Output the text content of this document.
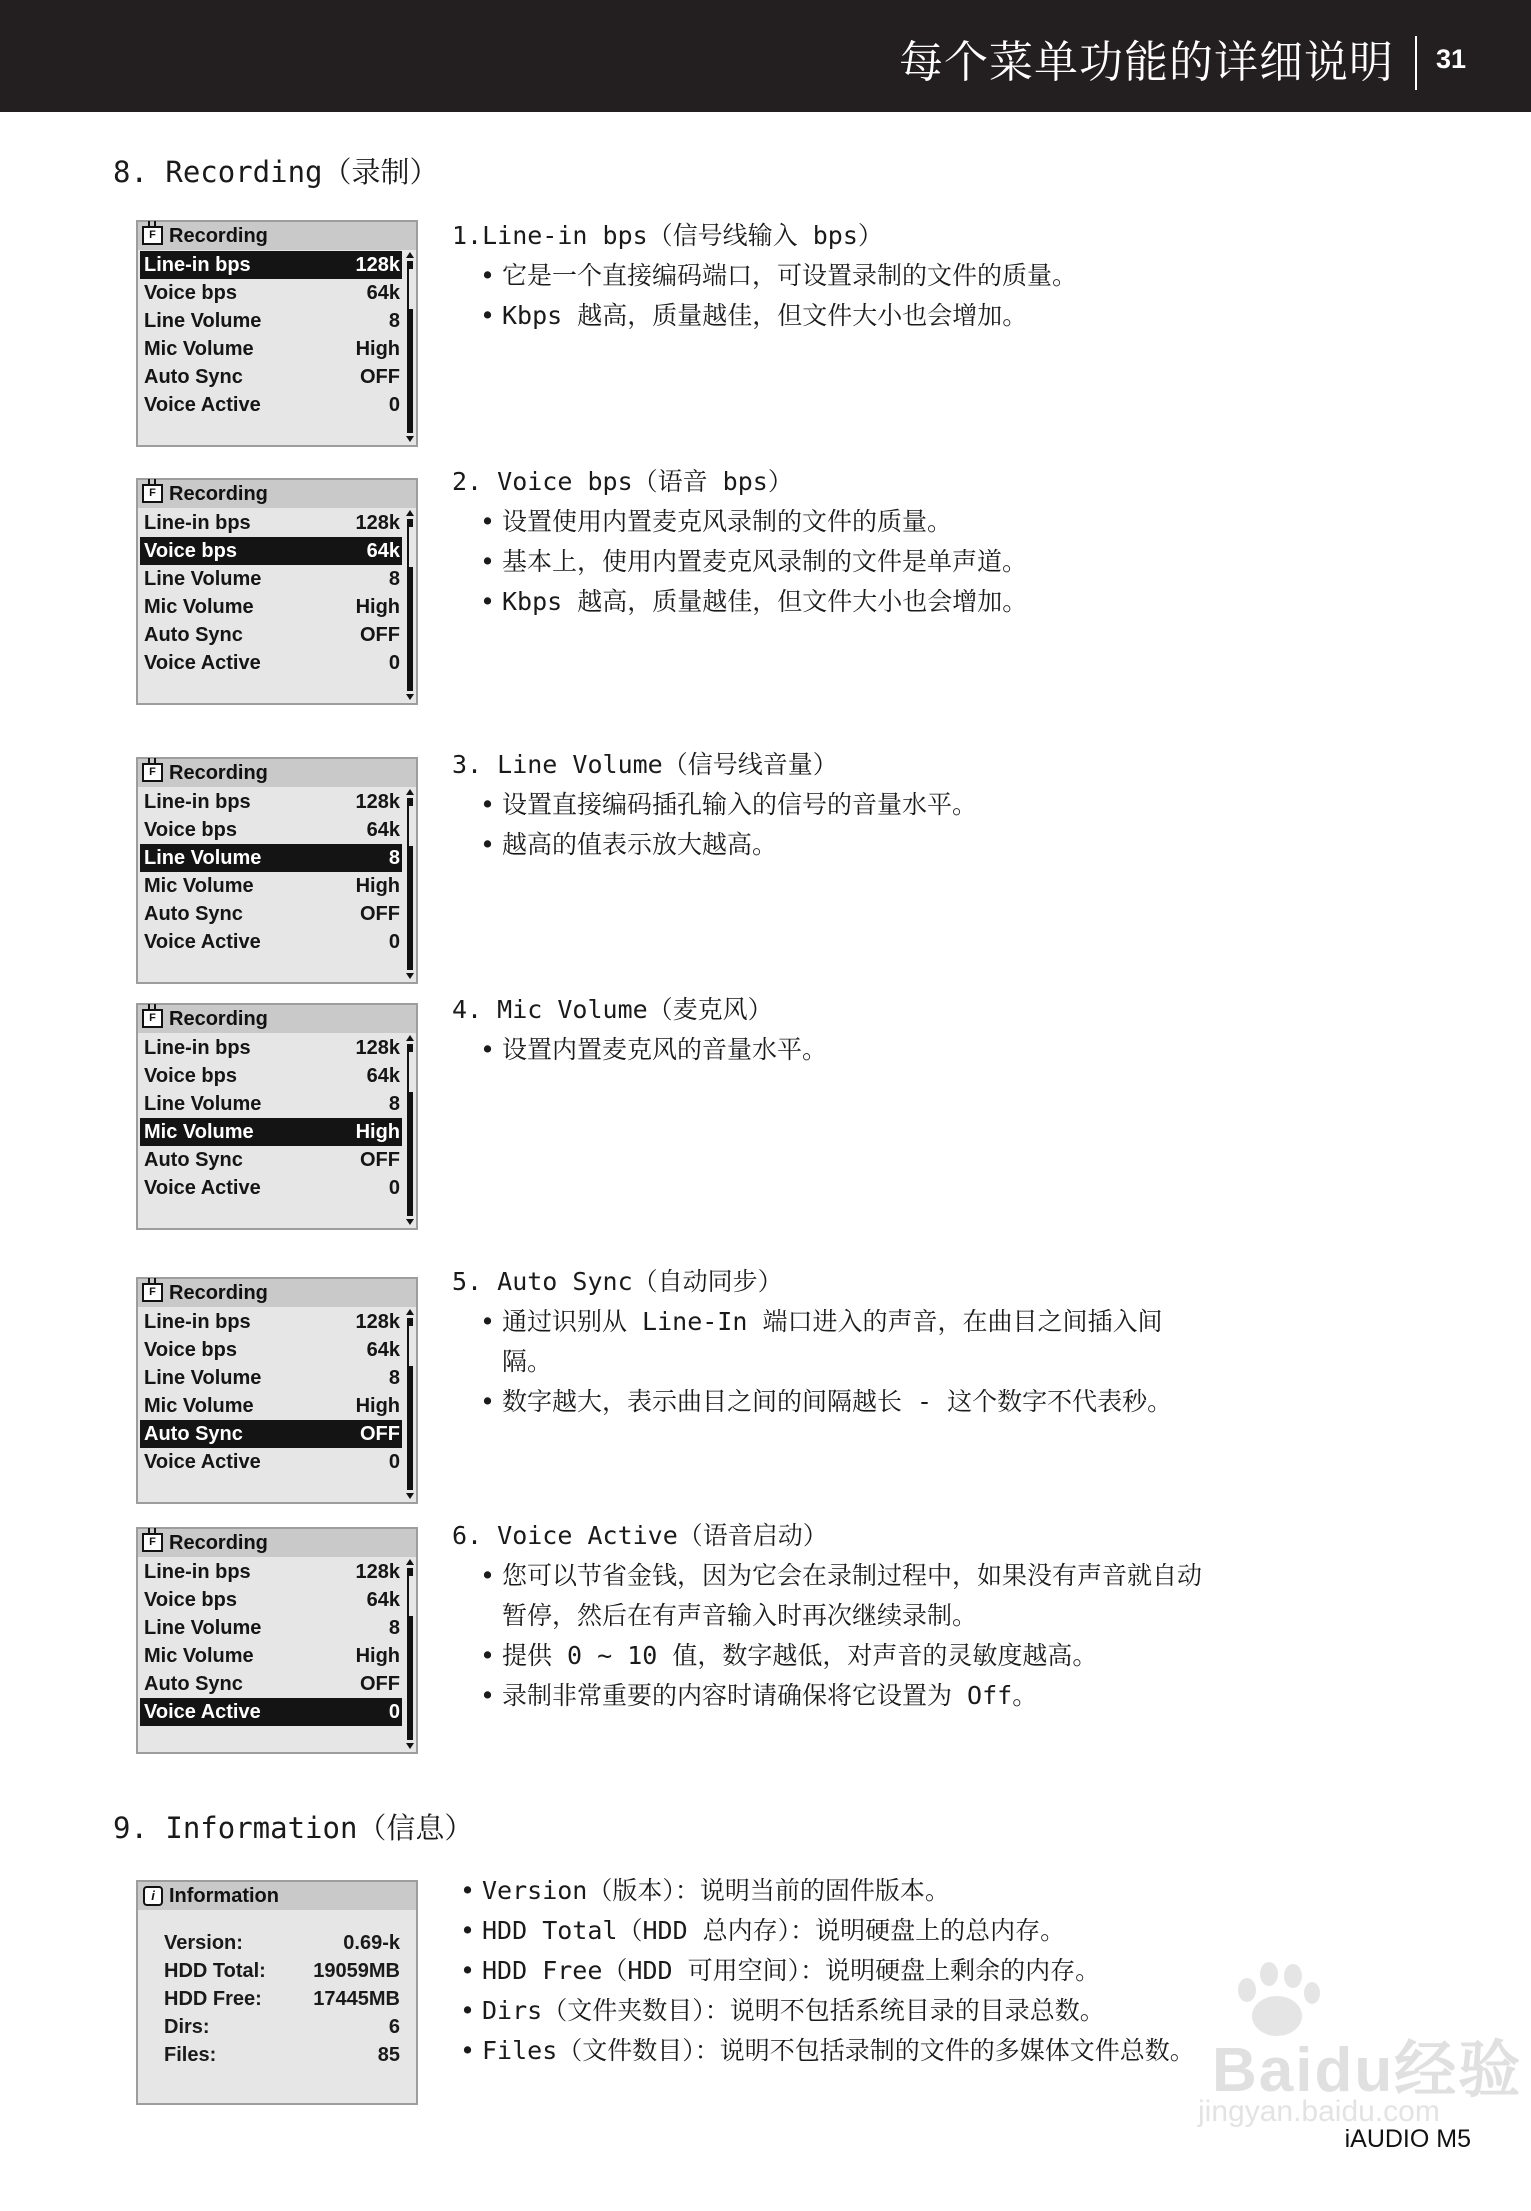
每个菜单功能的详细说明 31
8. Recording（录制）
F Recording
Line-in bps	128k
Voice bps	64k
Line Volume	8
Mic Volume	High
Auto Sync	OFF
Voice Active	0
1.Line-in bps（信号线输入 bps）
• 它是一个直接编码端口，可设置录制的文件的质量。
• Kbps 越高，质量越佳，但文件大小也会增加。
F Recording
Line-in bps	128k
Voice bps	64k
Line Volume	8
Mic Volume	High
Auto Sync	OFF
Voice Active	0
2. Voice bps（语音 bps）
• 设置使用内置麦克风录制的文件的质量。
• 基本上，使用内置麦克风录制的文件是单声道。
• Kbps 越高，质量越佳，但文件大小也会增加。
F Recording
Line-in bps	128k
Voice bps	64k
Line Volume	8
Mic Volume	High
Auto Sync	OFF
Voice Active	0
3. Line Volume（信号线音量）
• 设置直接编码插孔输入的信号的音量水平。
• 越高的值表示放大越高。
F Recording
Line-in bps	128k
Voice bps	64k
Line Volume	8
Mic Volume	High
Auto Sync	OFF
Voice Active	0
4. Mic Volume（麦克风）
• 设置内置麦克风的音量水平。
F Recording
Line-in bps	128k
Voice bps	64k
Line Volume	8
Mic Volume	High
Auto Sync	OFF
Voice Active	0
5. Auto Sync（自动同步）
• 通过识别从 Line-In 端口进入的声音，在曲目之间插入间隔。
• 数字越大，表示曲目之间的间隔越长 - 这个数字不代表秒。
F Recording
Line-in bps	128k
Voice bps	64k
Line Volume	8
Mic Volume	High
Auto Sync	OFF
Voice Active	0
6. Voice Active（语音启动）
• 您可以节省金钱，因为它会在录制过程中，如果没有声音就自动暂停，然后在有声音输入时再次继续录制。
• 提供 0 ~ 10 值，数字越低，对声音的灵敏度越高。
• 录制非常重要的内容时请确保将它设置为 Off。
9. Information（信息）
i Information
Version:	0.69-k
HDD Total: 19059MB
HDD Free:	17445MB
Dirs:	6
Files:	85
• Version（版本）：说明当前的固件版本。
• HDD Total（HDD 总内存）：说明硬盘上的总内存。
• HDD Free（HDD 可用空间）：说明硬盘上剩余的内存。
• Dirs（文件夹数目）：说明不包括系统目录的目录总数。
• Files（文件数目）：说明不包括录制的文件的多媒体文件总数。 Baidu经验
jingyan.baidu.com
iAUDIO M5
